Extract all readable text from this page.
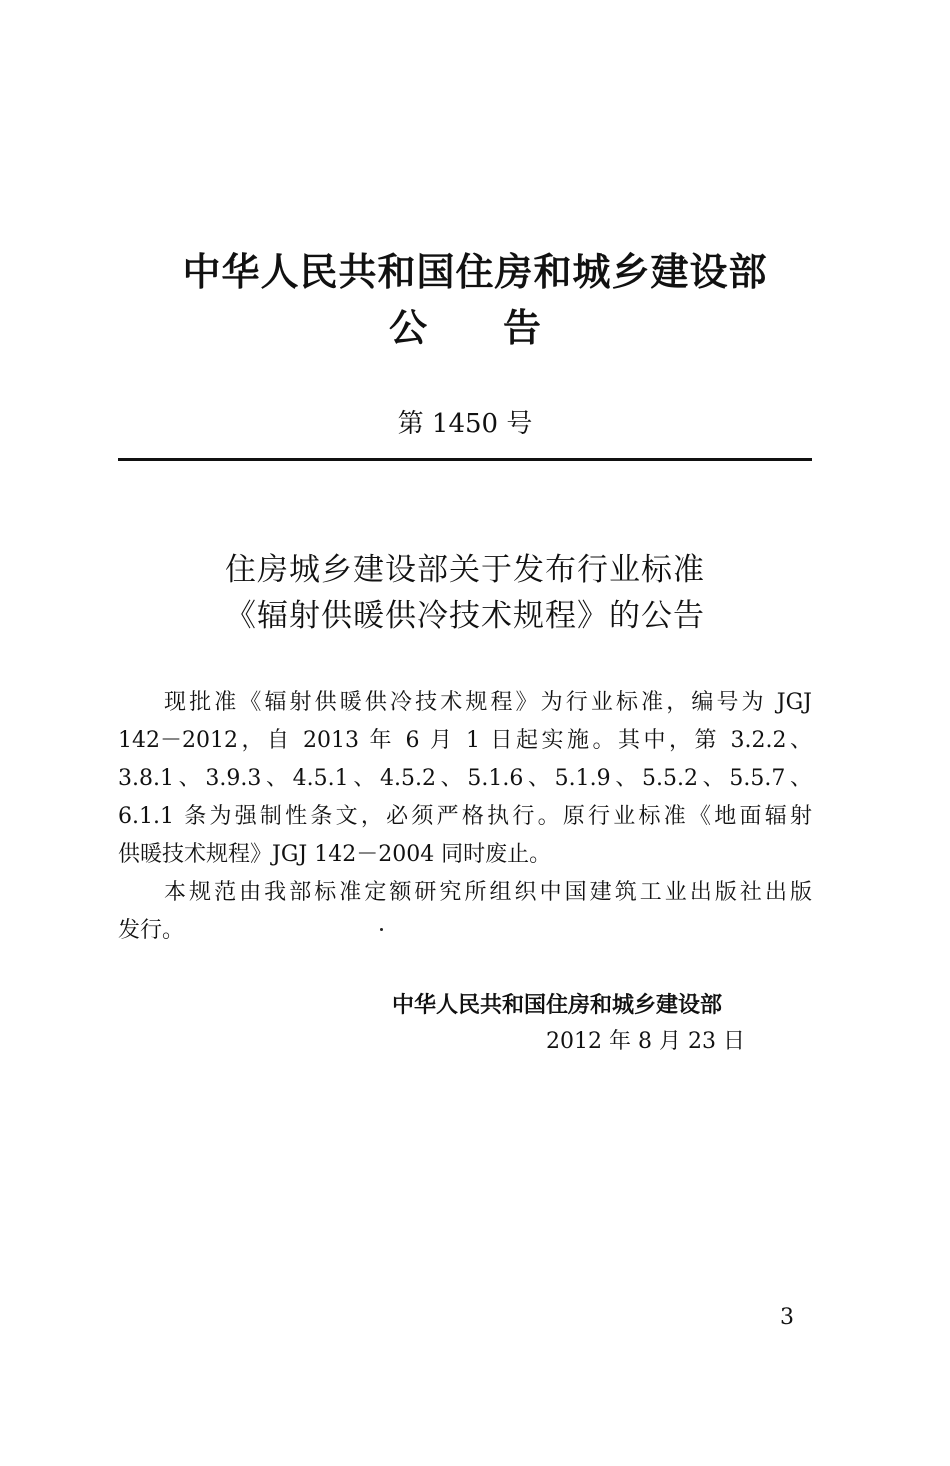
中华人民共和国住房和城乡建设部
公 告
第 1450 号
住房城乡建设部关于发布行业标准
《辐射供暖供冷技术规程》的公告
现批准《辐射供暖供冷技术规程》为行业标准，编号为 JGJ
142－2012，自 2013 年 6 月 1 日起实施。其中，第 3.2.2、
3.8.1、3.9.3、4.5.1、4.5.2、5.1.6、5.1.9、5.5.2、5.5.7、
6.1.1 条为强制性条文，必须严格执行。原行业标准《地面辐射
供暖技术规程》JGJ 142－2004 同时废止。
本规范由我部标准定额研究所组织中国建筑工业出版社出版
发行。
中华人民共和国住房和城乡建设部
2012 年 8 月 23 日
3
